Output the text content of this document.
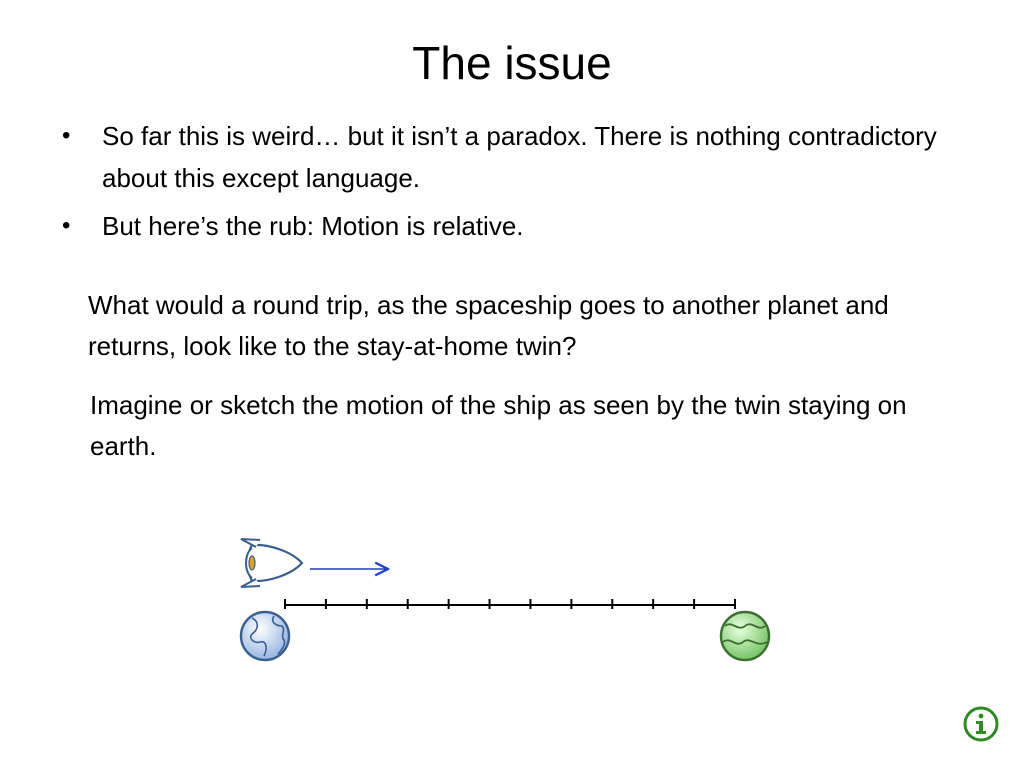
The issue
• So far this is weird… but it isn’t a paradox. There is nothing contradictory about this except language.
• But here’s the rub: Motion is relative.
What would a round trip, as the spaceship goes to another planet and returns, look like to the stay-at-home twin?
Imagine or sketch the motion of the ship as seen by the twin staying on earth.
